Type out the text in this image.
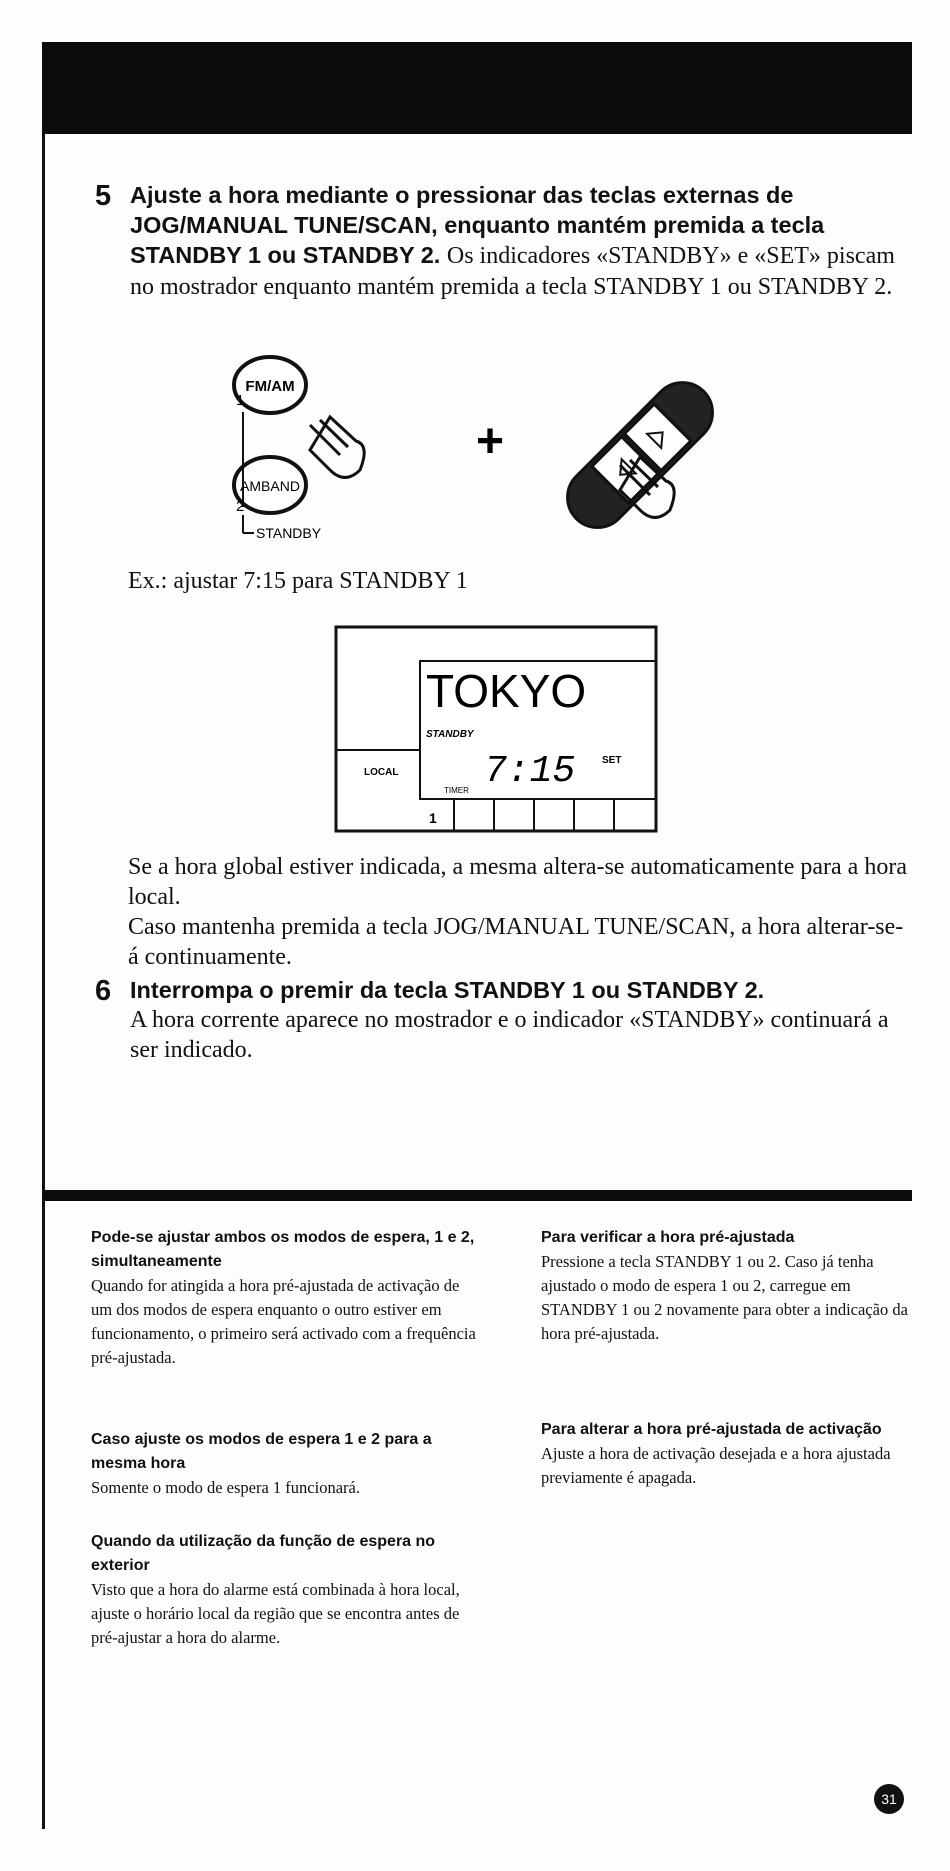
5 Ajuste a hora mediante o pressionar das teclas externas de JOG/MANUAL TUNE/SCAN, enquanto mantém premida a tecla STANDBY 1 ou STANDBY 2. Os indicadores «STANDBY» e «SET» piscam no mostrador enquanto mantém premida a tecla STANDBY 1 ou STANDBY 2.
FM/AM
AMBAND
1
2
STANDBY
+
Ex.: ajustar 7:15 para STANDBY 1
TOKYO
STANDBY
LOCAL 7:15	SET
TIMER
1
Se a hora global estiver indicada, a mesma altera-se automaticamente para a hora local.
Caso mantenha premida a tecla JOG/MANUAL TUNE/SCAN, a hora alterar-se-á continuamente.
6 Interrompa o premir da tecla STANDBY 1 ou STANDBY 2.
A hora corrente aparece no mostrador e o indicador «STANDBY» continuará a ser indicado.
Pode-se ajustar ambos os modos de espera, 1 e 2, simultaneamente
Quando for atingida a hora pré-ajustada de activação de um dos modos de espera enquanto o outro estiver em funcionamento, o primeiro será activado com a frequência pré-ajustada.
Caso ajuste os modos de espera 1 e 2 para a mesma hora
Somente o modo de espera 1 funcionará.
Quando da utilização da função de espera no exterior
Visto que a hora do alarme está combinada à hora local, ajuste o horário local da região que se encontra antes de pré-ajustar a hora do alarme.
Para verificar a hora pré-ajustada
Pressione a tecla STANDBY 1 ou 2. Caso já tenha ajustado o modo de espera 1 ou 2, carregue em STANDBY 1 ou 2 novamente para obter a indicação da hora pré-ajustada.
Para alterar a hora pré-ajustada de activação
Ajuste a hora de activação desejada e a hora ajustada previamente é apagada.
31
